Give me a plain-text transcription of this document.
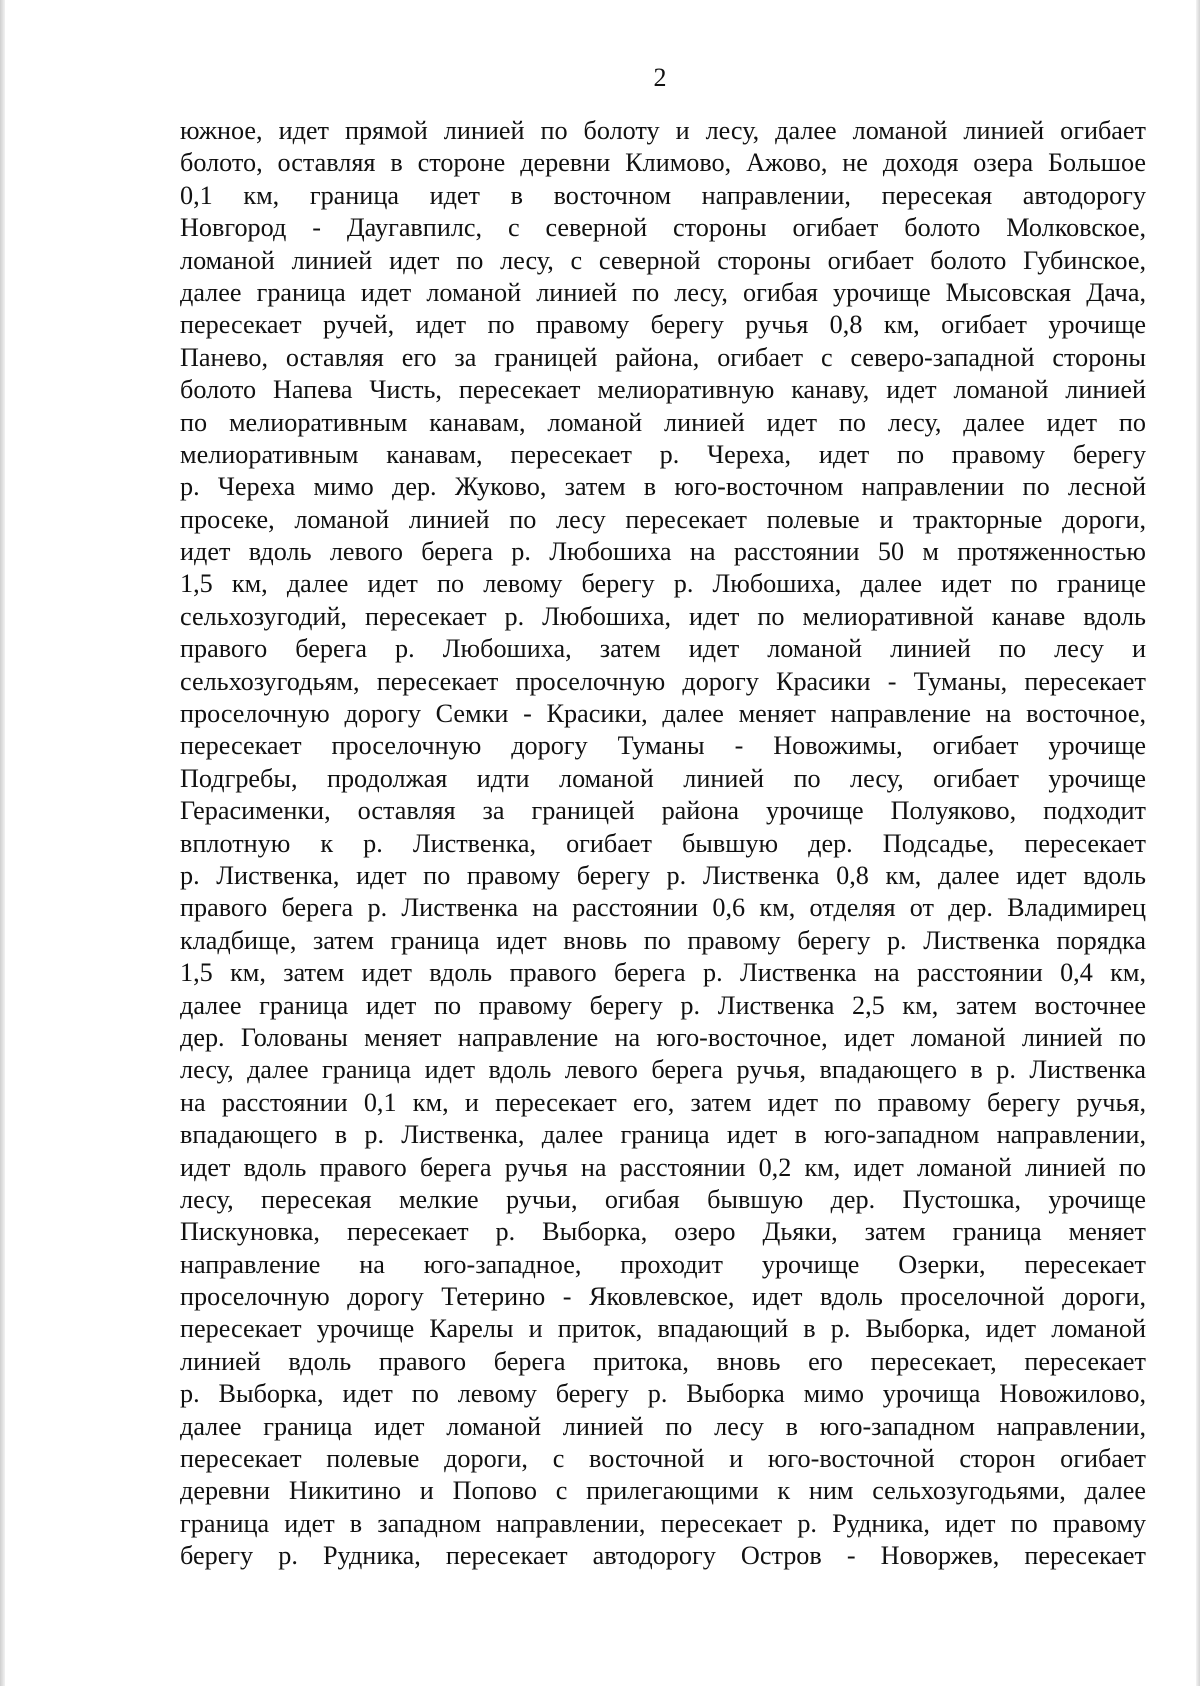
2
южное, идет прямой линией по болоту и лесу, далее ломаной линией огибает
болото, оставляя в стороне деревни Климово, Ажово, не доходя озера Большое
0,1 км, граница идет в восточном направлении, пересекая автодорогу
Новгород - Даугавпилс, с северной стороны огибает болото Молковское,
ломаной линией идет по лесу, с северной стороны огибает болото Губинское,
далее граница идет ломаной линией по лесу, огибая урочище Мысовская Дача,
пересекает ручей, идет по правому берегу ручья 0,8 км, огибает урочище
Панево, оставляя его за границей района, огибает с северо-западной стороны
болото Напева Чисть, пересекает мелиоративную канаву, идет ломаной линией
по мелиоративным канавам, ломаной линией идет по лесу, далее идет по
мелиоративным канавам, пересекает р. Череха, идет по правому берегу
р. Череха мимо дер. Жуково, затем в юго-восточном направлении по лесной
просеке, ломаной линией по лесу пересекает полевые и тракторные дороги,
идет вдоль левого берега р. Любошиха на расстоянии 50 м протяженностью
1,5 км, далее идет по левому берегу р. Любошиха, далее идет по границе
сельхозугодий, пересекает р. Любошиха, идет по мелиоративной канаве вдоль
правого берега р. Любошиха, затем идет ломаной линией по лесу и
сельхозугодьям, пересекает проселочную дорогу Красики - Туманы, пересекает
проселочную дорогу Семки - Красики, далее меняет направление на восточное,
пересекает проселочную дорогу Туманы - Новожимы, огибает урочище
Подгребы, продолжая идти ломаной линией по лесу, огибает урочище
Герасименки, оставляя за границей района урочище Полуяково, подходит
вплотную к р. Лиственка, огибает бывшую дер. Подсадье, пересекает
р. Лиственка, идет по правому берегу р. Лиственка 0,8 км, далее идет вдоль
правого берега р. Лиственка на расстоянии 0,6 км, отделяя от дер. Владимирец
кладбище, затем граница идет вновь по правому берегу р. Лиственка порядка
1,5 км, затем идет вдоль правого берега р. Лиственка на расстоянии 0,4 км,
далее граница идет по правому берегу р. Лиственка 2,5 км, затем восточнее
дер. Голованы меняет направление на юго-восточное, идет ломаной линией по
лесу, далее граница идет вдоль левого берега ручья, впадающего в р. Лиственка
на расстоянии 0,1 км, и пересекает его, затем идет по правому берегу ручья,
впадающего в р. Лиственка, далее граница идет в юго-западном направлении,
идет вдоль правого берега ручья на расстоянии 0,2 км, идет ломаной линией по
лесу, пересекая мелкие ручьи, огибая бывшую дер. Пустошка, урочище
Пискуновка, пересекает р. Выборка, озеро Дьяки, затем граница меняет
направление на юго-западное, проходит урочище Озерки, пересекает
проселочную дорогу Тетерино - Яковлевское, идет вдоль проселочной дороги,
пересекает урочище Карелы и приток, впадающий в р. Выборка, идет ломаной
линией вдоль правого берега притока, вновь его пересекает, пересекает
р. Выборка, идет по левому берегу р. Выборка мимо урочища Новожилово,
далее граница идет ломаной линией по лесу в юго-западном направлении,
пересекает полевые дороги, с восточной и юго-восточной сторон огибает
деревни Никитино и Попово с прилегающими к ним сельхозугодьями, далее
граница идет в западном направлении, пересекает р. Рудника, идет по правому
берегу р. Рудника, пересекает автодорогу Остров - Новоржев, пересекает
